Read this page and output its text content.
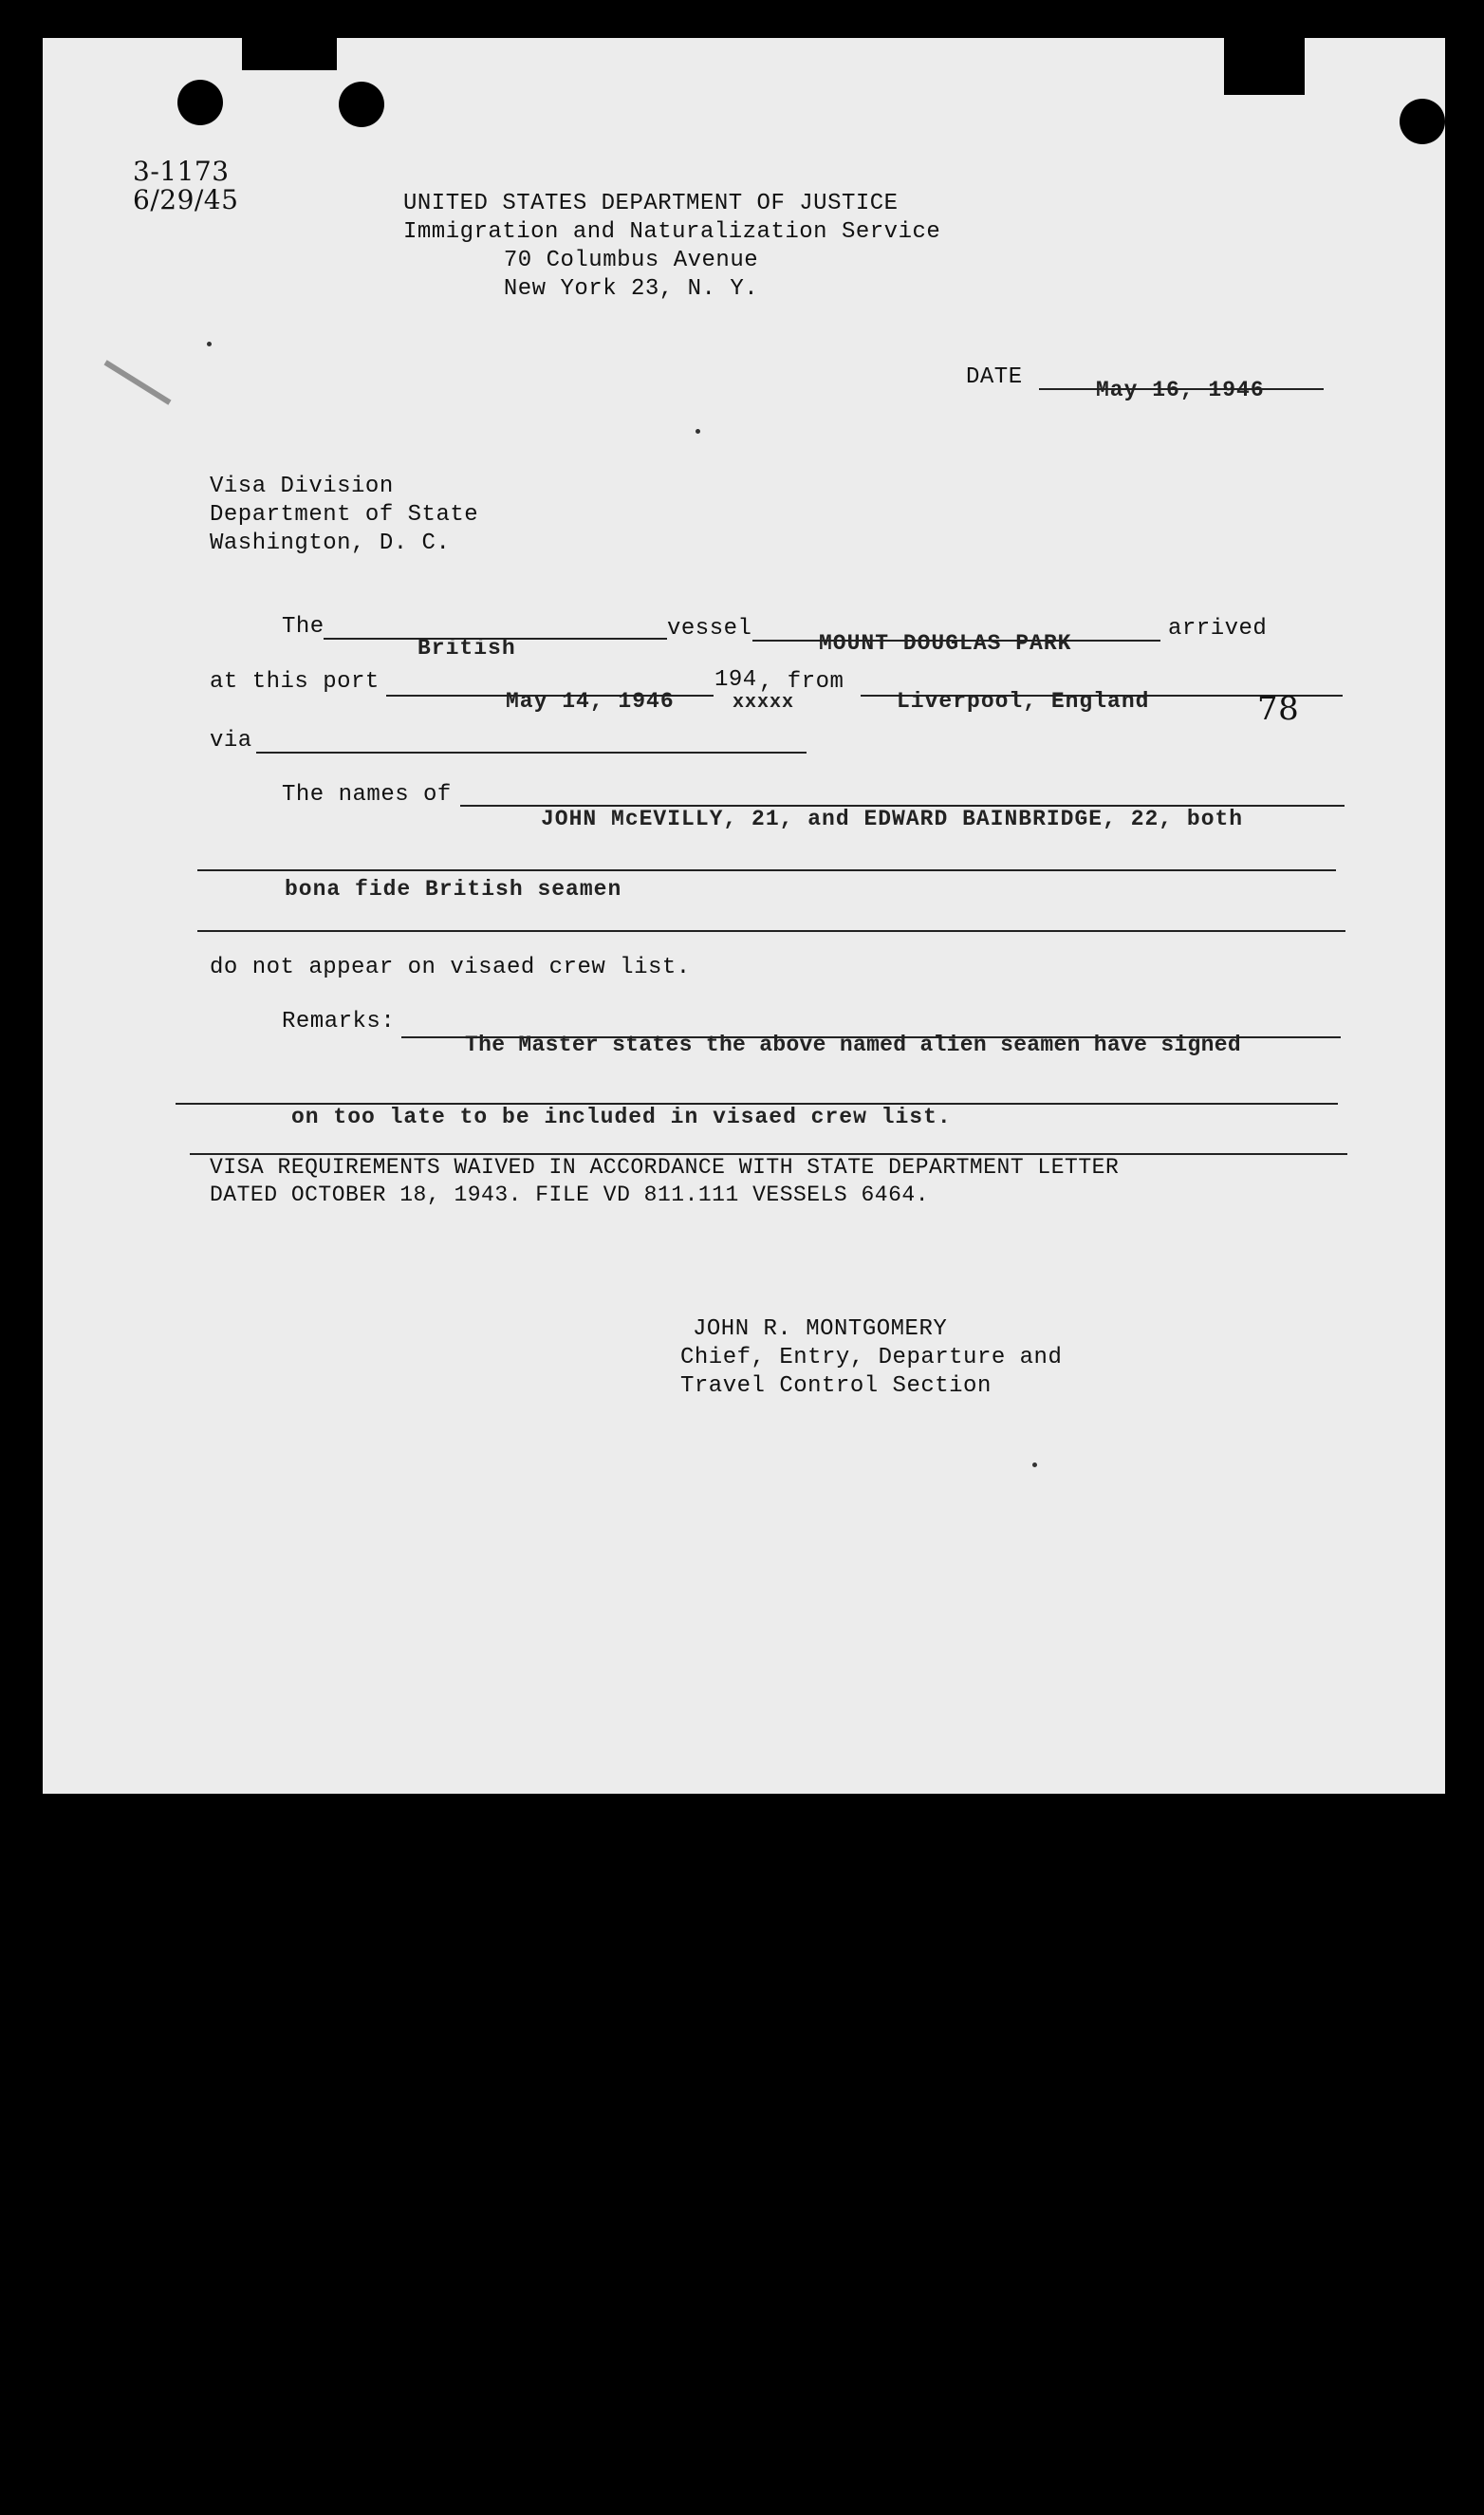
3-1173
6/29/45	UNITED STATES DEPARTMENT OF JUSTICE
Immigration and Naturalization Service
70 Columbus Avenue
New York 23, N. Y.
DATE	May 16, 1946
Visa Division
Department of State
Washington, D. C.
The
British
vessel
MOUNT DOUGLAS PARK
arrived
at this port
May 14, 1946
194
xxxxx
, from
Liverpool, England	78
via
The names of
JOHN McEVILLY, 21, and EDWARD BAINBRIDGE, 22, both
bona fide British seamen
do not appear on visaed crew list.
Remarks:
The Master states the above named alien seamen have signed
on too late to be included in visaed crew list.
VISA REQUIREMENTS WAIVED IN ACCORDANCE WITH STATE DEPARTMENT LETTER
DATED OCTOBER 18, 1943. FILE VD 811.111 VESSELS 6464.
JOHN R. MONTGOMERY
Chief, Entry, Departure and
Travel Control Section
